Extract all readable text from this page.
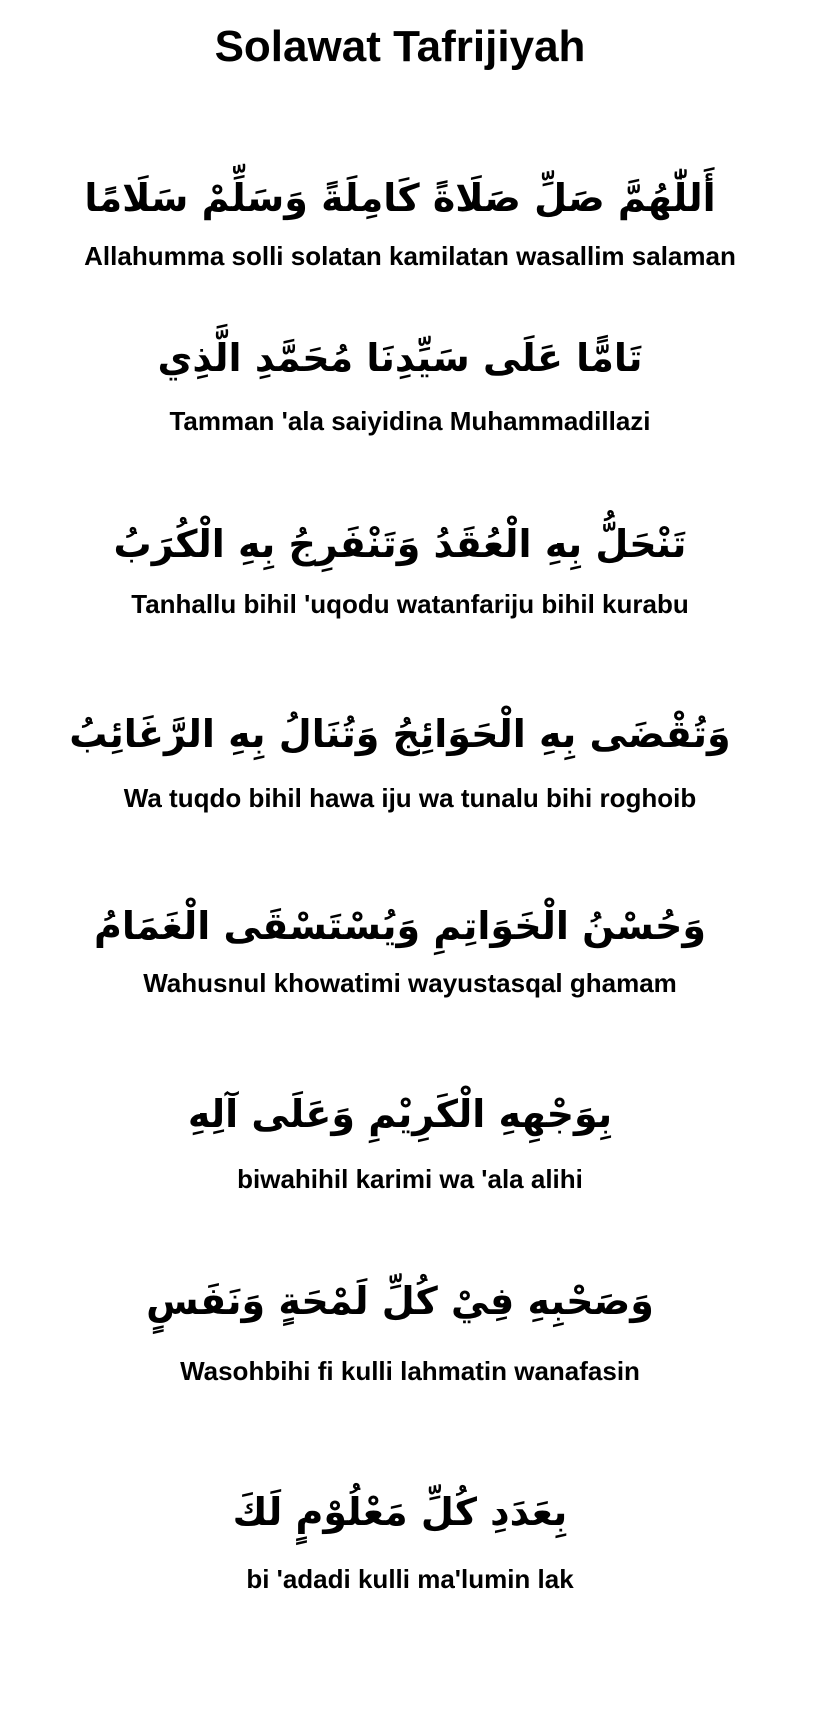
Solawat Tafrijiyah
أَللّٰهُمَّ صَلِّ صَلَاةً كَامِلَةً وَسَلِّمْ سَلَامًا
Allahumma solli solatan kamilatan wasallim salaman
تَامًّا عَلَى سَيِّدِنَا مُحَمَّدِ الَّذِي
Tamman 'ala saiyidina Muhammadillazi
تَنْحَلُّ بِهِ الْعُقَدُ وَتَنْفَرِجُ بِهِ الْكُرَبُ
Tanhallu bihil 'uqodu watanfariju bihil kurabu
وَتُقْضَى بِهِ الْحَوَائِجُ وَتُنَالُ بِهِ الرَّغَائِبُ
Wa tuqdo bihil hawa iju wa tunalu bihi roghoib
وَحُسْنُ الْخَوَاتِمِ وَيُسْتَسْقَى الْغَمَامُ
Wahusnul khowatimi wayustasqal ghamam
بِوَجْهِهِ الْكَرِيْمِ وَعَلَى آلِهِ
biwahihil karimi wa 'ala alihi
وَصَحْبِهِ فِيْ كُلِّ لَمْحَةٍ وَنَفَسٍ
Wasohbihi fi kulli lahmatin wanafasin
بِعَدَدِ كُلِّ مَعْلُوْمٍ لَكَ
bi 'adadi kulli ma'lumin lak
